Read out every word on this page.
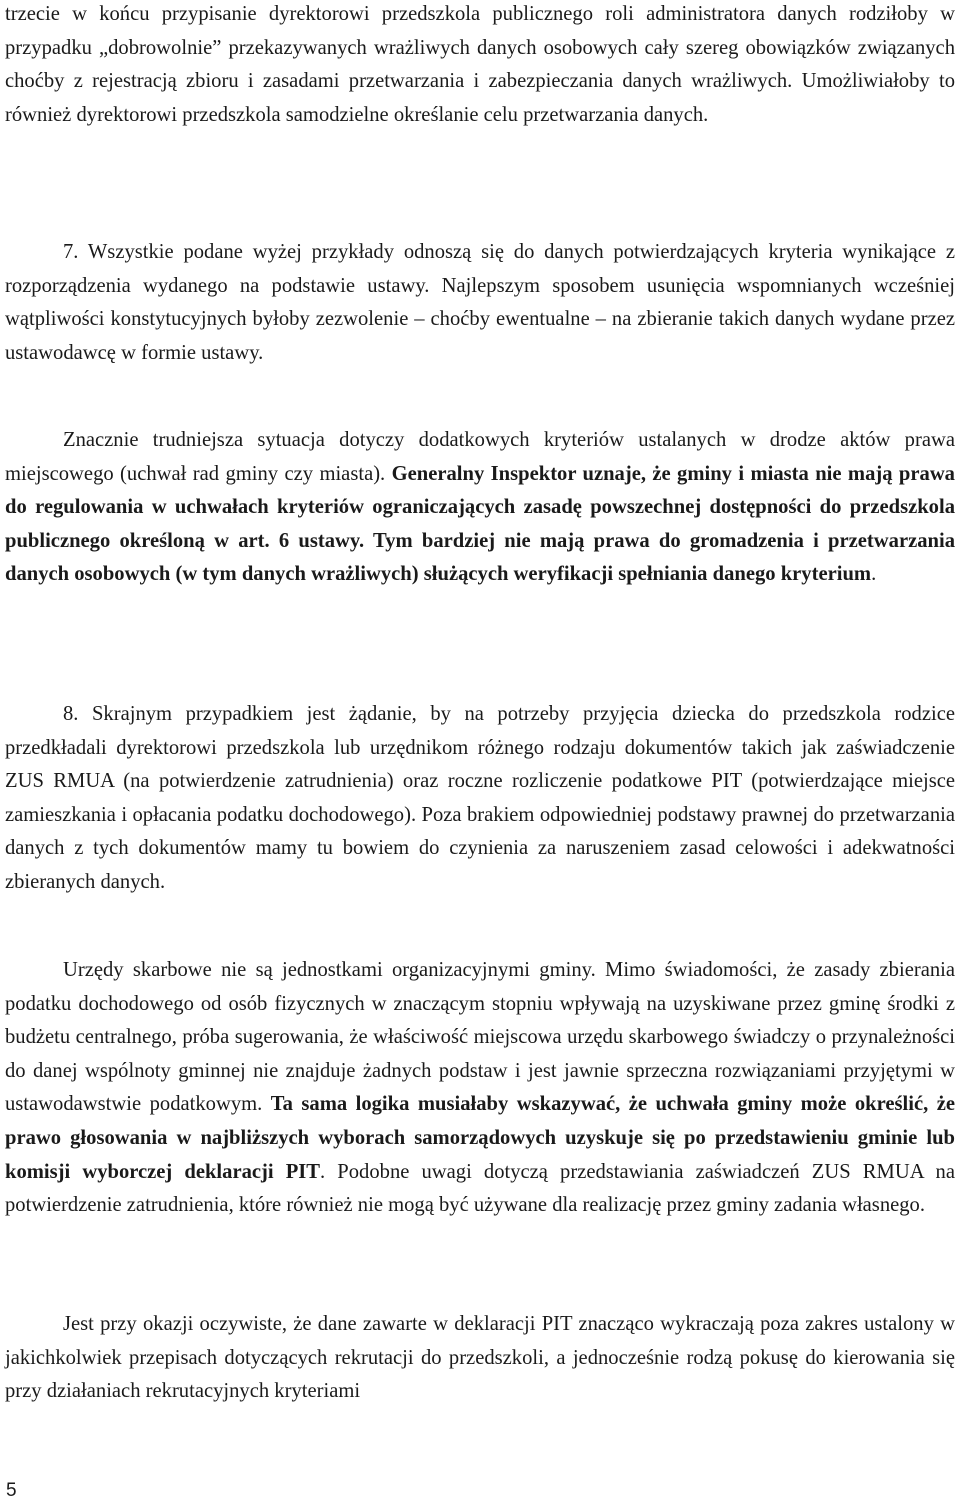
trzecie w końcu przypisanie dyrektorowi przedszkola publicznego roli administratora danych rodziłoby w przypadku „dobrowolnie” przekazywanych wrażliwych danych osobowych cały szereg obowiązków związanych choćby z rejestracją zbioru i zasadami przetwarzania i zabezpieczania danych wrażliwych. Umożliwiałoby to również dyrektorowi przedszkola samodzielne określanie celu przetwarzania danych.

7. Wszystkie podane wyżej przykłady odnoszą się do danych potwierdzających kryteria wynikające z rozporządzenia wydanego na podstawie ustawy. Najlepszym sposobem usunięcia wspomnianych wcześniej wątpliwości konstytucyjnych byłoby zezwolenie – choćby ewentualne – na zbieranie takich danych wydane przez ustawodawcę w formie ustawy.

Znacznie trudniejsza sytuacja dotyczy dodatkowych kryteriów ustalanych w drodze aktów prawa miejscowego (uchwał rad gminy czy miasta). Generalny Inspektor uznaje, że gminy i miasta nie mają prawa do regulowania w uchwałach kryteriów ograniczających zasadę powszechnej dostępności do przedszkola publicznego określoną w art. 6 ustawy. Tym bardziej nie mają prawa do gromadzenia i przetwarzania danych osobowych (w tym danych wrażliwych) służących weryfikacji spełniania danego kryterium.

8. Skrajnym przypadkiem jest żądanie, by na potrzeby przyjęcia dziecka do przedszkola rodzice przedkładali dyrektorowi przedszkola lub urzędnikom różnego rodzaju dokumentów takich jak zaświadczenie ZUS RMUA (na potwierdzenie zatrudnienia) oraz roczne rozliczenie podatkowe PIT (potwierdzające miejsce zamieszkania i opłacania podatku dochodowego). Poza brakiem odpowiedniej podstawy prawnej do przetwarzania danych z tych dokumentów mamy tu bowiem do czynienia za naruszeniem zasad celowości i adekwatności zbieranych danych.

Urzędy skarbowe nie są jednostkami organizacyjnymi gminy. Mimo świadomości, że zasady zbierania podatku dochodowego od osób fizycznych w znaczącym stopniu wpływają na uzyskiwane przez gminę środki z budżetu centralnego, próba sugerowania, że właściwość miejscowa urzędu skarbowego świadczy o przynależności do danej wspólnoty gminnej nie znajduje żadnych podstaw i jest jawnie sprzeczna rozwiązaniami przyjętymi w ustawodawstwie podatkowym. Ta sama logika musiałaby wskazywać, że uchwała gminy może określić, że prawo głosowania w najbliższych wyborach samorządowych uzyskuje się po przedstawieniu gminie lub komisji wyborczej deklaracji PIT. Podobne uwagi dotyczą przedstawiania zaświadczeń ZUS RMUA na potwierdzenie zatrudnienia, które również nie mogą być używane dla realizację przez gminy zadania własnego.

Jest przy okazji oczywiste, że dane zawarte w deklaracji PIT znacząco wykraczają poza zakres ustalony w jakichkolwiek przepisach dotyczących rekrutacji do przedszkoli, a jednocześnie rodzą pokusę do kierowania się przy działaniach rekrutacyjnych kryteriami

5
